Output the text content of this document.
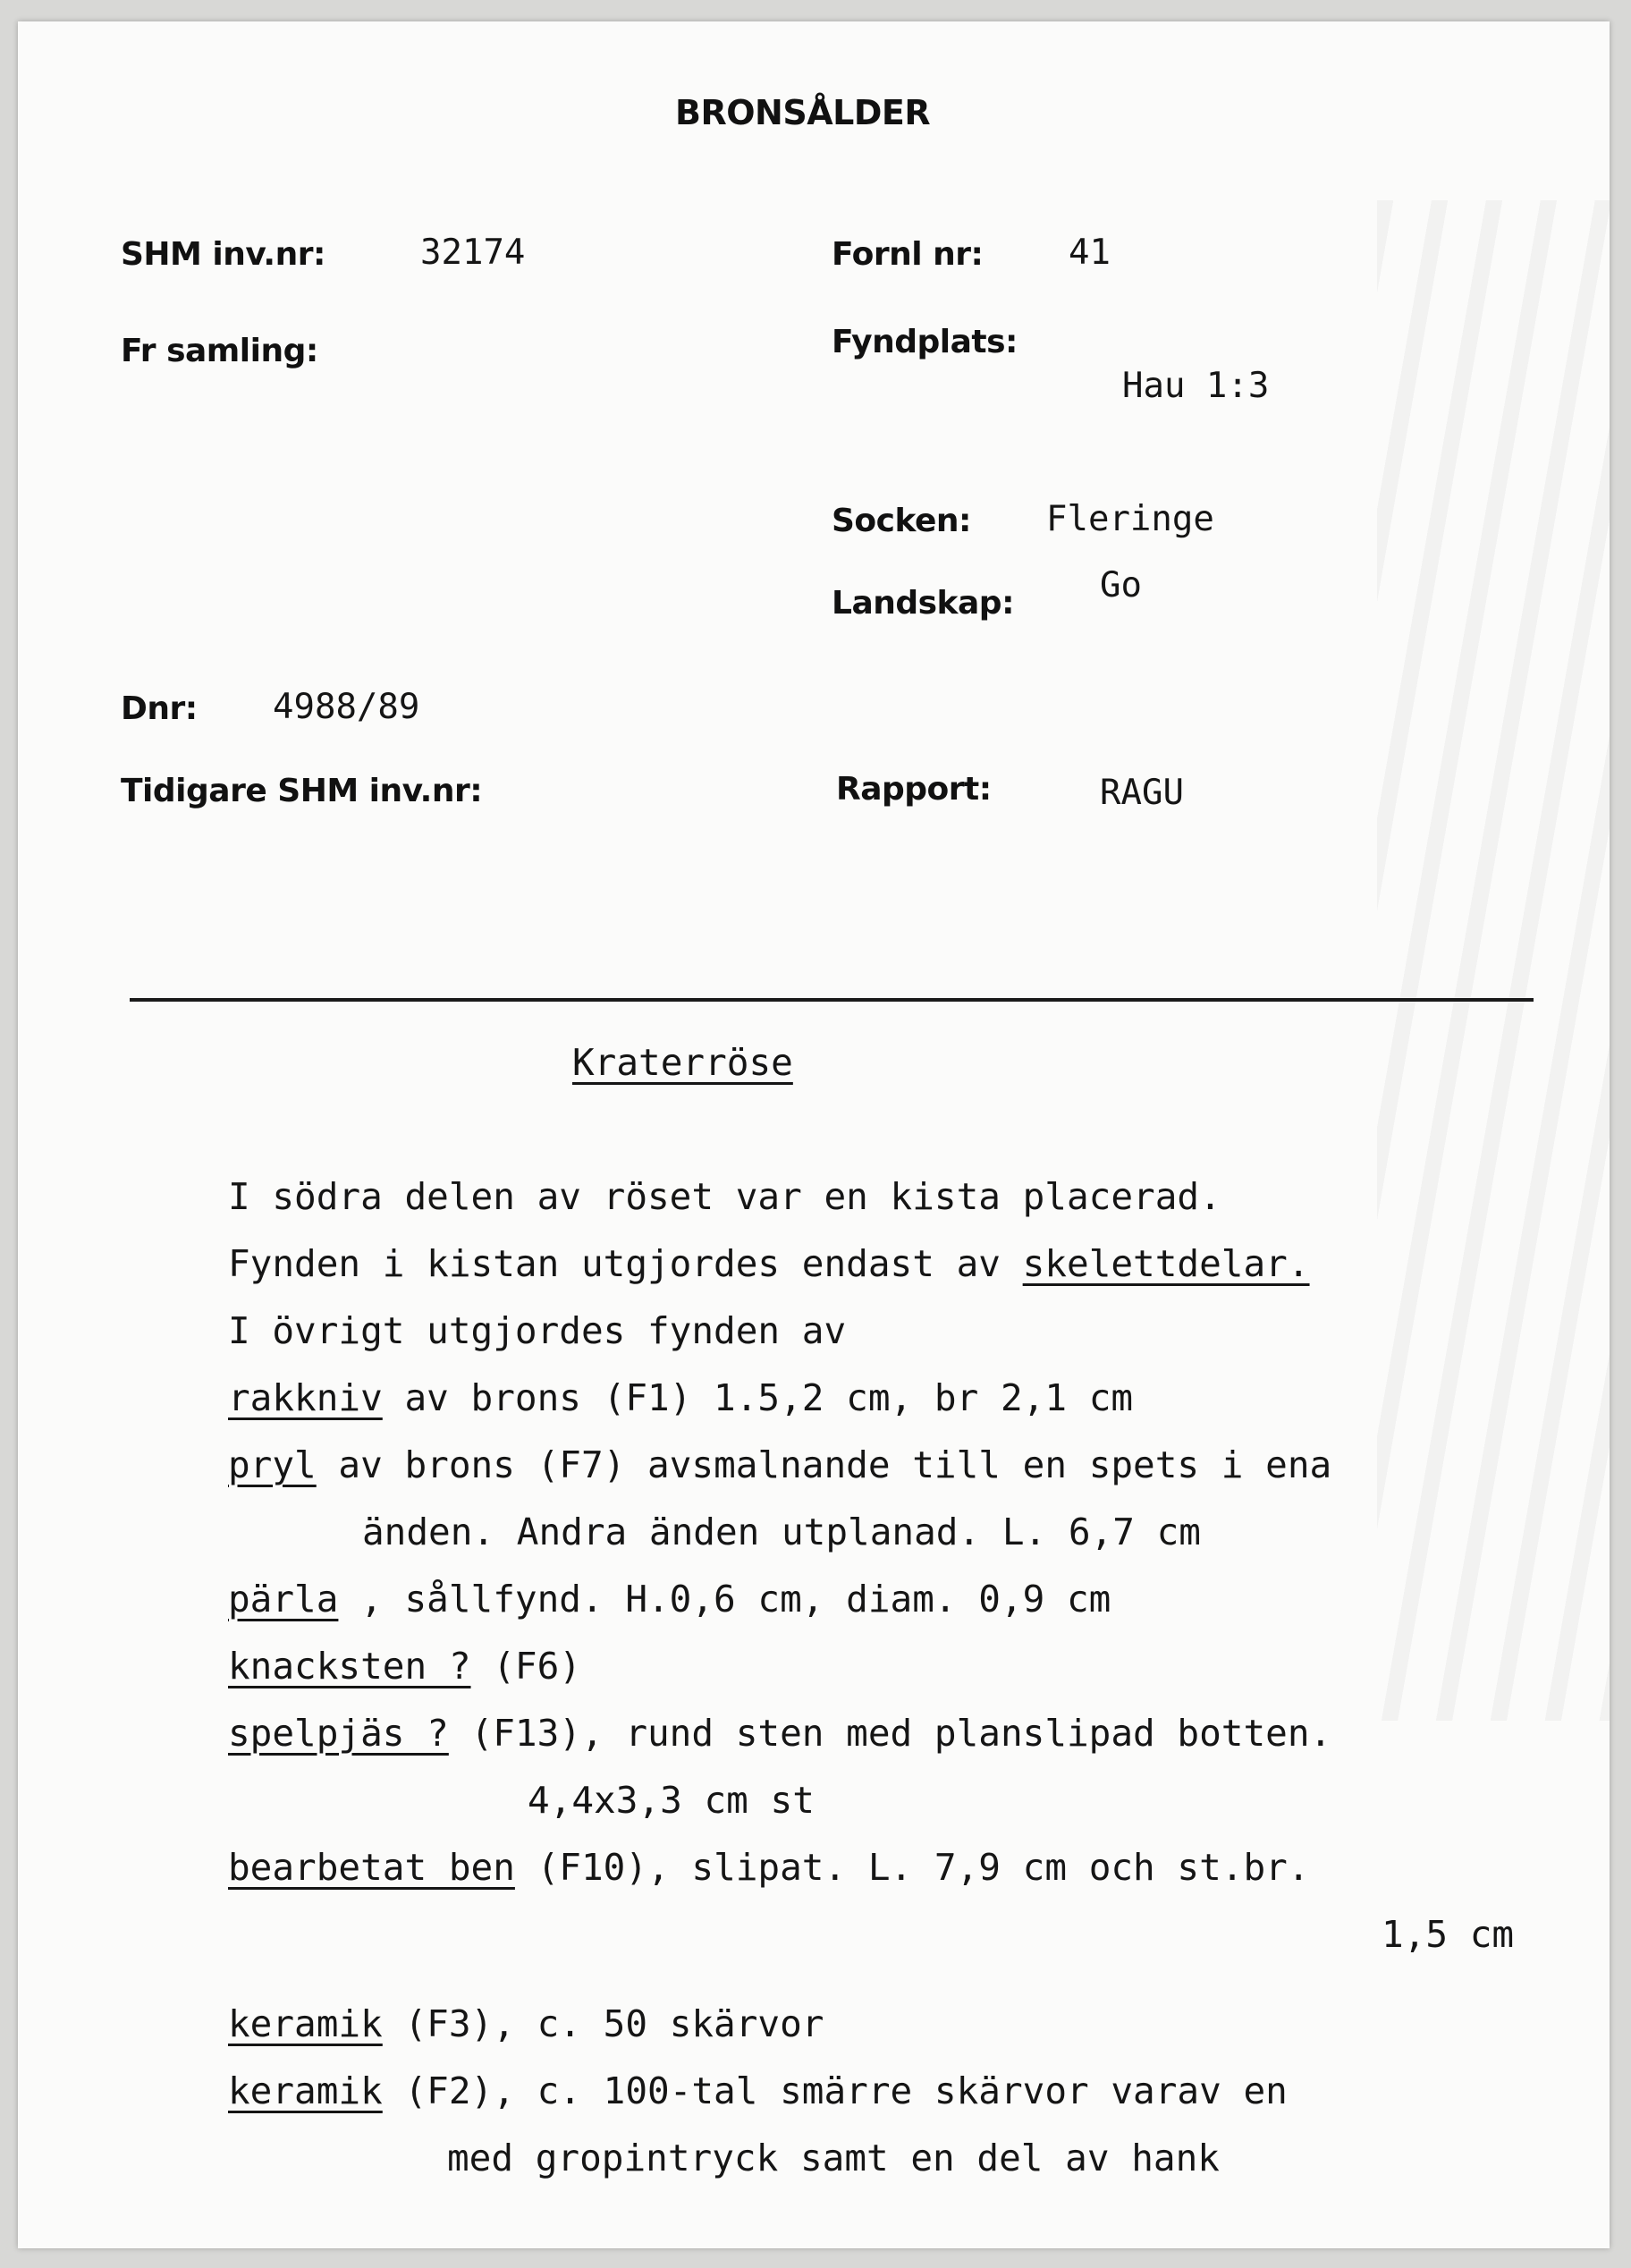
BRONSÅLDER
SHM inv.nr:	32174
Fr samling:
Dnr: 4988/89
Tidigare SHM inv.nr:
Fornl nr: 41
Fyndplats:
Hau 1:3
Socken: Fleringe
Landskap: Go
Rapport:	RAGU
Kraterröse
I södra delen av röset var en kista placerad.
Fynden i kistan utgjordes endast av skelettdelar.
I övrigt utgjordes fynden av
rakkniv av brons (F1) 1.5,2 cm, br 2,1 cm
pryl av brons (F7) avsmalnande till en spets i ena
änden. Andra änden utplanad. L. 6,7 cm
pärla , sållfynd. H.0,6 cm, diam. 0,9 cm
knacksten ? (F6)
spelpjäs ? (F13), rund sten med planslipad botten.
4,4x3,3 cm st
bearbetat ben (F10), slipat. L. 7,9 cm och st.br.
1,5 cm
keramik (F3), c. 50 skärvor
keramik (F2), c. 100-tal smärre skärvor varav en
med gropintryck samt en del av hank
